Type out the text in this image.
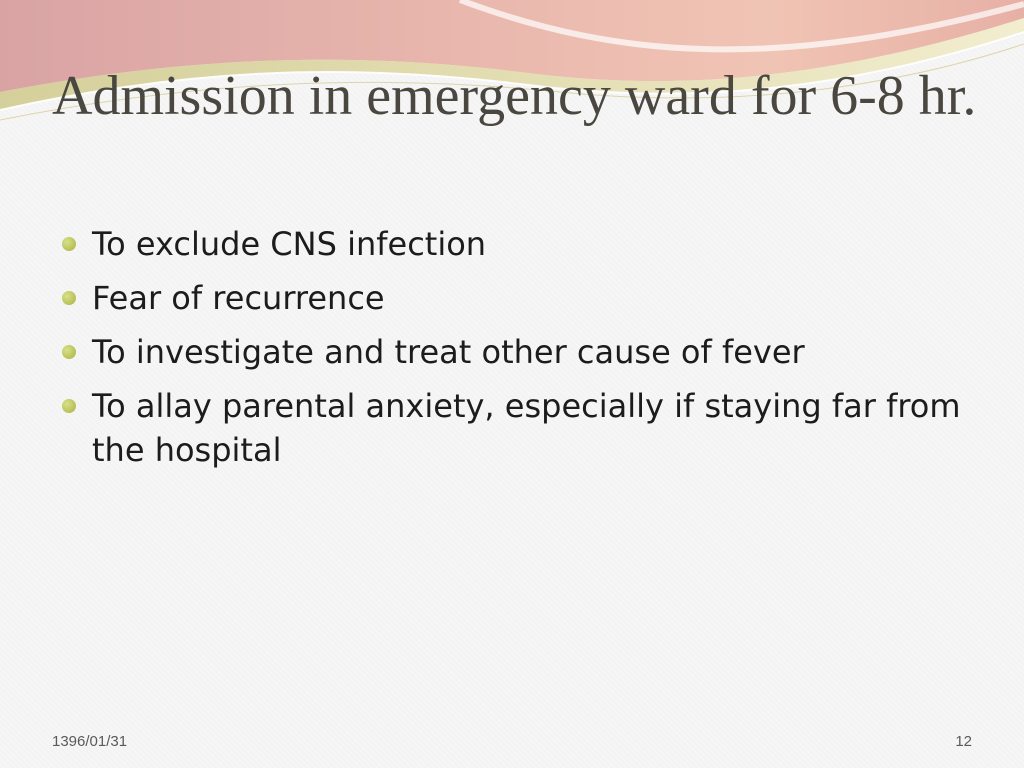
Admission in emergency ward for 6-8 hr.
To exclude CNS infection
Fear of recurrence
To investigate and treat other cause of fever
To allay parental anxiety, especially if staying far from the hospital
1396/01/31	12
